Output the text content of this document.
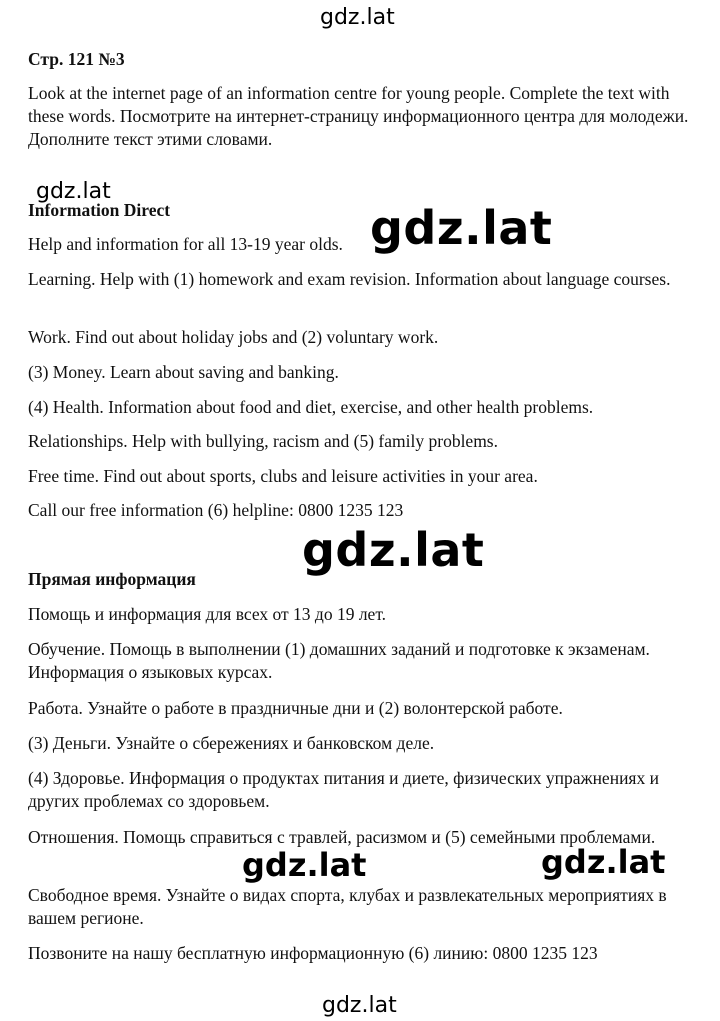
gdz.lat
gdz.lat
gdz.lat
gdz.lat
gdz.lat	gdz.lat
gdz.lat
Стр. 121 №3
Look at the internet page of an information centre for young people. Complete the text with these words. Посмотрите на интернет-страницу информационного центра для молодежи. Дополните текст этими словами.
Information Direct
Help and information for all 13-19 year olds.
Learning. Help with (1) homework and exam revision. Information about language courses.
Work. Find out about holiday jobs and (2) voluntary work.
(3) Money. Learn about saving and banking.
(4) Health. Information about food and diet, exercise, and other health problems.
Relationships. Help with bullying, racism and (5) family problems.
Free time. Find out about sports, clubs and leisure activities in your area.
Call our free information (6) helpline: 0800 1235 123
Прямая информация
Помощь и информация для всех от 13 до 19 лет.
Обучение. Помощь в выполнении (1) домашних заданий и подготовке к экзаменам. Информация о языковых курсах.
Работа. Узнайте о работе в праздничные дни и (2) волонтерской работе.
(3) Деньги. Узнайте о сбережениях и банковском деле.
(4) Здоровье. Информация о продуктах питания и диете, физических упражнениях и других проблемах со здоровьем.
Отношения. Помощь справиться с травлей, расизмом и (5) семейными проблемами.
Свободное время. Узнайте о видах спорта, клубах и развлекательных мероприятиях в вашем регионе.
Позвоните на нашу бесплатную информационную (6) линию: 0800 1235 123
